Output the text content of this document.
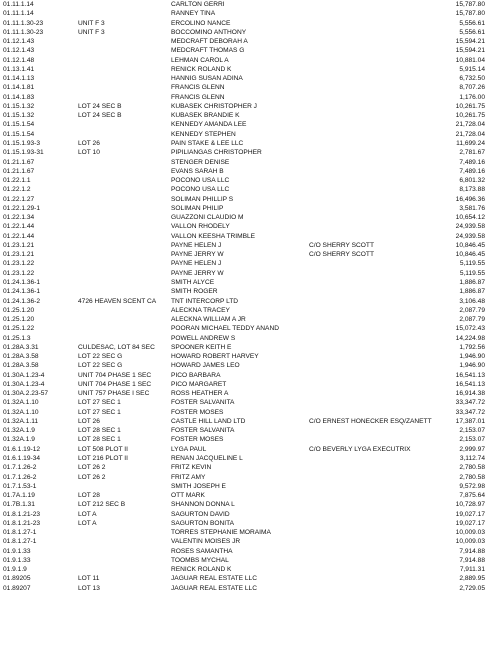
01.11.1.14	CARLTON GERRI	15,787.80
01.11.1.14	RANNEY TINA	15,787.80
01.11.1.30-23	UNIT F 3	ERCOLINO NANCE	5,556.61
01.11.1.30-23	UNIT F 3	BOCCOMINO ANTHONY	5,556.61
01.12.1.43	MEDCRAFT DEBORAH A	15,594.21
01.12.1.43	MEDCRAFT THOMAS G	15,594.21
01.12.1.48	LEHMAN CAROL A	10,881.04
01.13.1.41	RENICK ROLAND K	5,915.14
01.14.1.13	HANNIG SUSAN ADINA	6,732.50
01.14.1.81	FRANCIS GLENN	8,707.26
01.14.1.83	FRANCIS GLENN	1,176.00
01.15.1.32	LOT 24 SEC B	KUBASEK CHRISTOPHER J	10,261.75
01.15.1.32	LOT 24 SEC B	KUBASEK BRANDIE K	10,261.75
01.15.1.54	KENNEDY AMANDA LEE	21,728.04
01.15.1.54	KENNEDY STEPHEN	21,728.04
01.15.1.93-3	LOT 26	PAIN STAKE & LEE LLC	11,699.24
01.15.1.93-31	LOT 10	PIPILIANGAS CHRISTOPHER	2,781.67
01.21.1.67	STENGER DENISE	7,489.16
01.21.1.67	EVANS SARAH B	7,489.16
01.22.1.1	POCONO USA LLC	6,801.32
01.22.1.2	POCONO USA LLC	8,173.88
01.22.1.27	SOLIMAN PHILLIP S	16,496.36
01.22.1.29-1	SOLIMAN PHILIP	3,581.76
01.22.1.34	GUAZZONI CLAUDIO M	10,654.12
01.22.1.44	VALLON RHODELY	24,939.58
01.22.1.44	VALLON KEESHA TRIMBLE	24,939.58
01.23.1.21	PAYNE HELEN J	C/O SHERRY SCOTT	10,846.45
01.23.1.21	PAYNE JERRY W	C/O SHERRY SCOTT	10,846.45
01.23.1.22	PAYNE HELEN J	5,119.55
01.23.1.22	PAYNE JERRY W	5,119.55
01.24.1.36-1	SMITH ALYCE	1,886.87
01.24.1.36-1	SMITH ROGER	1,886.87
01.24.1.36-2	4726 HEAVEN SCENT CA	TNT INTERCORP LTD	3,106.48
01.25.1.20	ALECKNA TRACEY	2,087.79
01.25.1.20	ALECKNA WILLIAM A JR	2,087.79
01.25.1.22	POORAN MICHAEL TEDDY ANAND	15,072.43
01.25.1.3	POWELL ANDREW S	14,224.98
01.28A.3.31	CULDESAC, LOT 84 SEC	SPOONER KEITH E	1,792.56
01.28A.3.58	LOT 22 SEC G	HOWARD ROBERT HARVEY	1,946.90
01.28A.3.58	LOT 22 SEC G	HOWARD JAMES LEO	1,946.90
01.30A.1.23-4	UNIT 704 PHASE 1 SEC	PICO BARBARA	16,541.13
01.30A.1.23-4	UNIT 704 PHASE 1 SEC	PICO MARGARET	16,541.13
01.30A.2.23-57	UNIT 757 PHASE I SEC	ROSS HEATHER A	16,914.38
01.32A.1.10	LOT 27 SEC 1	FOSTER SALVANITA	33,347.72
01.32A.1.10	LOT 27 SEC 1	FOSTER MOSES	33,347.72
01.32A.1.11	LOT 26	CASTLE HILL LAND LTD	C/O ERNEST HONECKER ESQ/ZANETT	17,387.01
01.32A.1.9	LOT 28 SEC 1	FOSTER SALVANITA	2,153.07
01.32A.1.9	LOT 28 SEC 1	FOSTER MOSES	2,153.07
01.6.1.19-12	LOT 508 PLOT II	LYGA PAUL	C/O BEVERLY LYGA EXECUTRIX	2,999.97
01.6.1.19-34	LOT 216 PLOT II	RENAN JACQUELINE L	3,112.74
01.7.1.26-2	LOT 26 2	FRITZ KEVIN	2,780.58
01.7.1.26-2	LOT 26 2	FRITZ AMY	2,780.58
01.7.1.53-1	SMITH JOSEPH E	9,572.98
01.7A.1.19	LOT 28	OTT MARK	7,875.64
01.7B.1.31	LOT 212 SEC B	SHANNON DONNA L	10,728.97
01.8.1.21-23	LOT A	SAGURTON DAVID	19,027.17
01.8.1.21-23	LOT A	SAGURTON BONITA	19,027.17
01.8.1.27-1	TORRES STEPHANIE MORAIMA	10,009.03
01.8.1.27-1	VALENTIN MOISES JR	10,009.03
01.9.1.33	ROSES SAMANTHA	7,914.88
01.9.1.33	TOOMBS MYCHAL	7,914.88
01.9.1.9	RENICK ROLAND K	7,911.31
01.89205	LOT 11	JAGUAR REAL ESTATE LLC	2,889.95
01.89207	LOT 13	JAGUAR REAL ESTATE LLC	2,729.05
